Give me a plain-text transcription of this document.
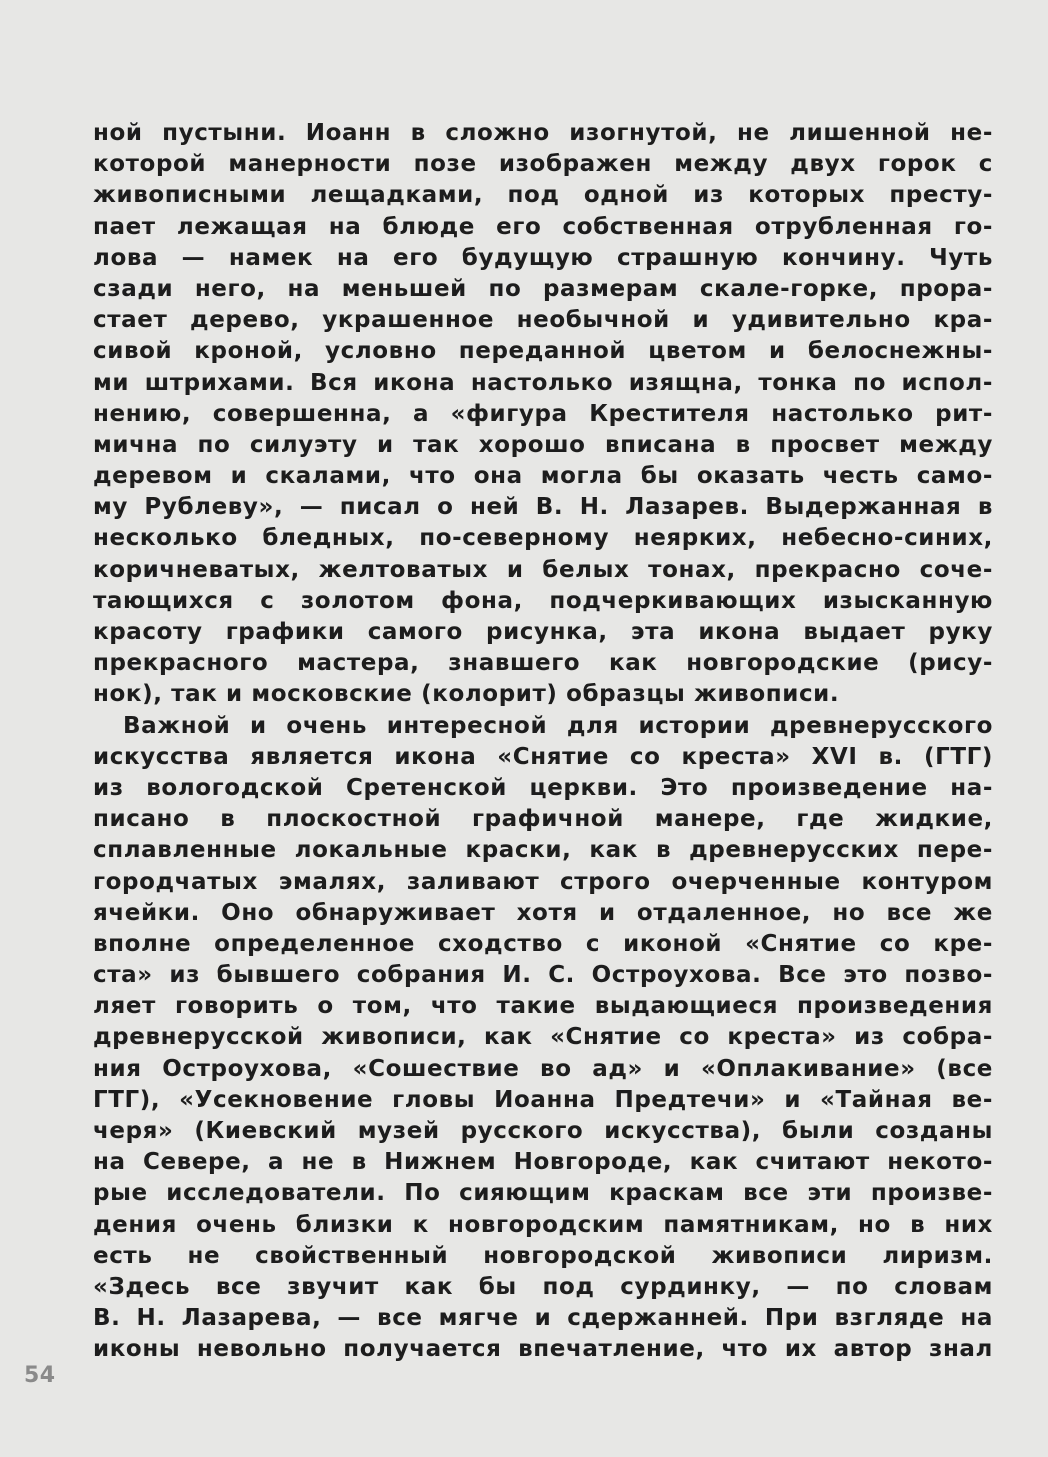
ной пустыни. Иоанн в сложно изогнутой, не лишенной не-
которой манерности позе изображен между двух горок с
живописными лещадками, под одной из которых престу-
пает лежащая на блюде его собственная отрубленная го-
лова — намек на его будущую страшную кончину. Чуть
сзади него, на меньшей по размерам скале-горке, прора-
стает дерево, украшенное необычной и удивительно кра-
сивой кроной, условно переданной цветом и белоснежны-
ми штрихами. Вся икона настолько изящна, тонка по испол-
нению, совершенна, а «фигура Крестителя настолько рит-
мична по силуэту и так хорошо вписана в просвет между
деревом и скалами, что она могла бы оказать честь само-
му Рублеву», — писал о ней В. Н. Лазарев. Выдержанная в
несколько бледных, по-северному неярких, небесно-синих,
коричневатых, желтоватых и белых тонах, прекрасно соче-
тающихся с золотом фона, подчеркивающих изысканную
красоту графики самого рисунка, эта икона выдает руку
прекрасного мастера, знавшего как новгородские (рису-
нок), так и московские (колорит) образцы живописи.
Важной и очень интересной для истории древнерусского
искусства является икона «Снятие со креста» XVI в. (ГТГ)
из вологодской Сретенской церкви. Это произведение на-
писано в плоскостной графичной манере, где жидкие,
сплавленные локальные краски, как в древнерусских пере-
городчатых эмалях, заливают строго очерченные контуром
ячейки. Оно обнаруживает хотя и отдаленное, но все же
вполне определенное сходство с иконой «Снятие со кре-
ста» из бывшего собрания И. С. Остроухова. Все это позво-
ляет говорить о том, что такие выдающиеся произведения
древнерусской живописи, как «Снятие со креста» из собра-
ния Остроухова, «Сошествие во ад» и «Оплакивание» (все
ГТГ), «Усекновение гловы Иоанна Предтечи» и «Тайная ве-
черя» (Киевский музей русского искусства), были созданы
на Севере, а не в Нижнем Новгороде, как считают некото-
рые исследователи. По сияющим краскам все эти произве-
дения очень близки к новгородским памятникам, но в них
есть не свойственный новгородской живописи лиризм.
«Здесь все звучит как бы под сурдинку, — по словам
В. Н. Лазарева, — все мягче и сдержанней. При взгляде на
иконы невольно получается впечатление, что их автор знал
54
